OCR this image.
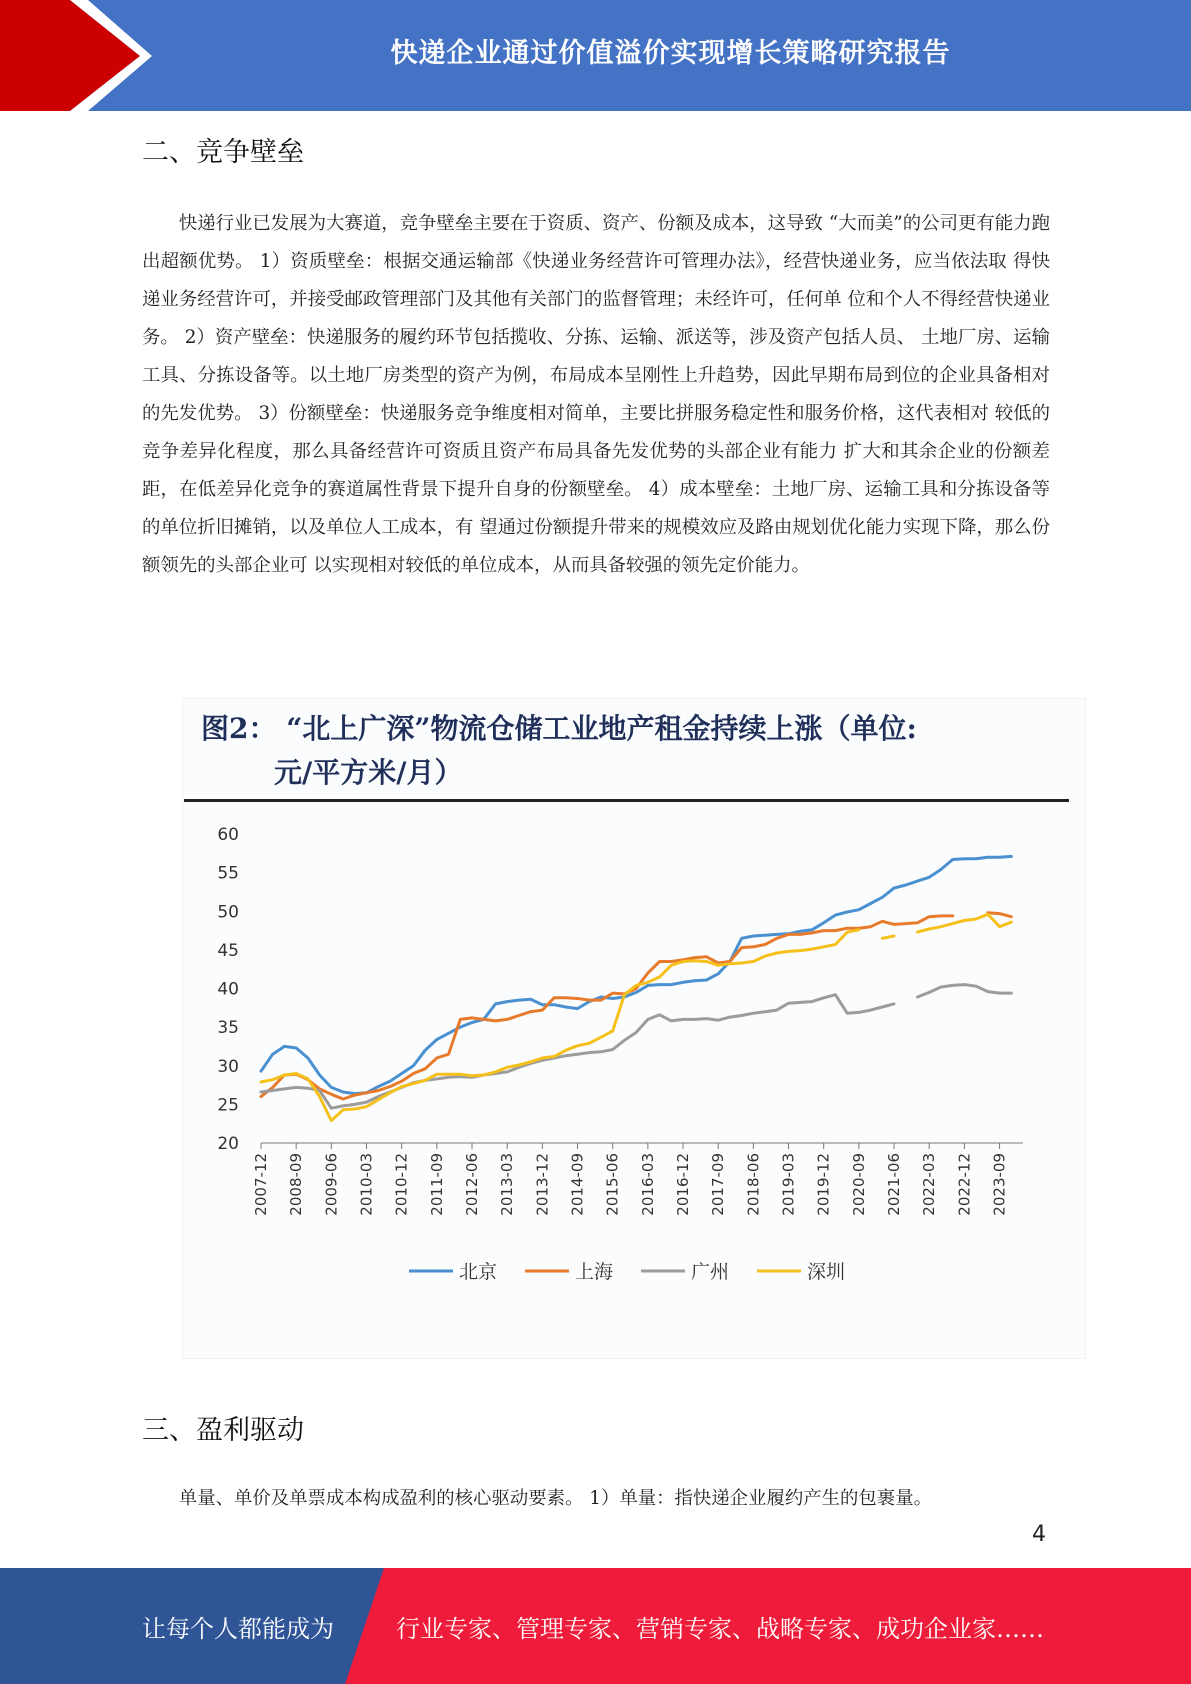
快递企业通过价值溢价实现增长策略研究报告
二、竞争壁垒

快递行业已发展为大赛道，竞争壁垒主要在于资质、资产、份额及成本，这导致 “大而美”的公司更有能力跑出超额优势。 1）资质壁垒：根据交通运输部《快递业务经营许可管理办法》，经营快递业务，应当依法取 得快递业务经营许可，并接受邮政管理部门及其他有关部门的监督管理；未经许可，任何单 位和个人不得经营快递业务。 2）资产壁垒：快递服务的履约环节包括揽收、分拣、运输、派送等，涉及资产包括人员、 土地厂房、运输工具、分拣设备等。以土地厂房类型的资产为例，布局成本呈刚性上升趋势，因此早期布局到位的企业具备相对的先发优势。 3）份额壁垒：快递服务竞争维度相对简单，主要比拼服务稳定性和服务价格，这代表相对 较低的竞争差异化程度，那么具备经营许可资质且资产布局具备先发优势的头部企业有能力 扩大和其余企业的份额差距，在低差异化竞争的赛道属性背景下提升自身的份额壁垒。 4）成本壁垒：土地厂房、运输工具和分拣设备等的单位折旧摊销，以及单位人工成本，有 望通过份额提升带来的规模效应及路由规划优化能力实现下降，那么份额领先的头部企业可 以实现相对较低的单位成本，从而具备较强的领先定价能力。

图2： “北上广深”物流仓储工业地产租金持续上涨（单位:
元/平方米/月）
20
25
30
35
40
45
50
55
60
2007-12 2008-09 2009-06 2010-03 2010-12 2011-09 2012-06 2013-03 2013-12 2014-09 2015-06 2016-03 2016-12 2017-09 2018-06 2019-03 2019-12 2020-09 2021-06 2022-03 2022-12 2023-09
北京	上海	广州	深圳
三、盈利驱动

单量、单价及单票成本构成盈利的核心驱动要素。 1）单量：指快递企业履约产生的包裹量。

4
让每个人都能成为	行业专家、管理专家、营销专家、战略专家、成功企业家……
